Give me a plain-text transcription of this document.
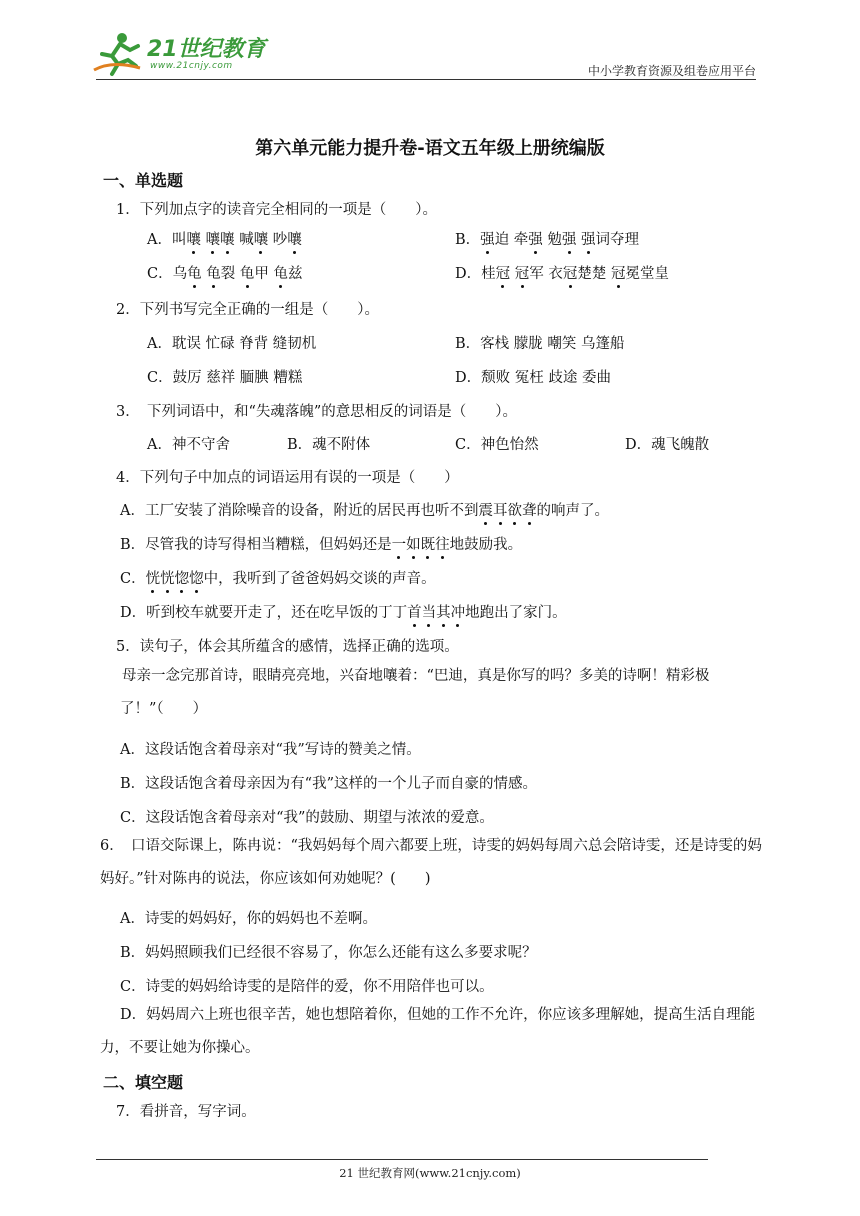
21世纪教育
www.21cnjy.com	中小学教育资源及组卷应用平台
第六单元能力提升卷-语文五年级上册统编版
一、单选题
1．下列加点字的读音完全相同的一项是（　　）。
A．叫嚷 嚷嚷 喊嚷 吵嚷	B．强迫 牵强 勉强 强词夺理
C．乌龟 龟裂 龟甲 龟兹	D．桂冠 冠军 衣冠楚楚 冠冕堂皇
2．下列书写完全正确的一组是（　　）。
A．耽误 忙碌 脊背 缝韧机	B．客栈 朦胧 嘲笑 乌篷船
C．鼓厉 慈祥 腼腆 糟糕	D．颓败 冤枉 歧途 委曲
3．　下列词语中，和“失魂落魄”的意思相反的词语是（　　）。
A．神不守舍	B．魂不附体	C．神色怡然	D．魂飞魄散
4．下列句子中加点的词语运用有误的一项是（　　）
A．工厂安装了消除噪音的设备，附近的居民再也听不到震耳欲聋的响声了。
B．尽管我的诗写得相当糟糕，但妈妈还是一如既往地鼓励我。
C．恍恍惚惚中，我听到了爸爸妈妈交谈的声音。
D．听到校车就要开走了，还在吃早饭的丁丁首当其冲地跑出了家门。
5．读句子，体会其所蕴含的感情，选择正确的选项。
母亲一念完那首诗，眼睛亮亮地，兴奋地嚷着：“巴迪，真是你写的吗？多美的诗啊！精彩极了！”（　　）
A．这段话饱含着母亲对“我”写诗的赞美之情。
B．这段话饱含着母亲因为有“我”这样的一个儿子而自豪的情感。
C．这段话饱含着母亲对“我”的鼓励、期望与浓浓的爱意。
6．　口语交际课上，陈冉说：“我妈妈每个周六都要上班，诗雯的妈妈每周六总会陪诗雯，还是诗雯的妈妈好。”针对陈冉的说法，你应该如何劝她呢？(　　)
A．诗雯的妈妈好，你的妈妈也不差啊。
B．妈妈照顾我们已经很不容易了，你怎么还能有这么多要求呢？
C．诗雯的妈妈给诗雯的是陪伴的爱，你不用陪伴也可以。
D．妈妈周六上班也很辛苦，她也想陪着你，但她的工作不允许，你应该多理解她，提高生活自理能力，不要让她为你操心。
二、填空题
7．看拼音，写字词。
21 世纪教育网(www.21cnjy.com)
